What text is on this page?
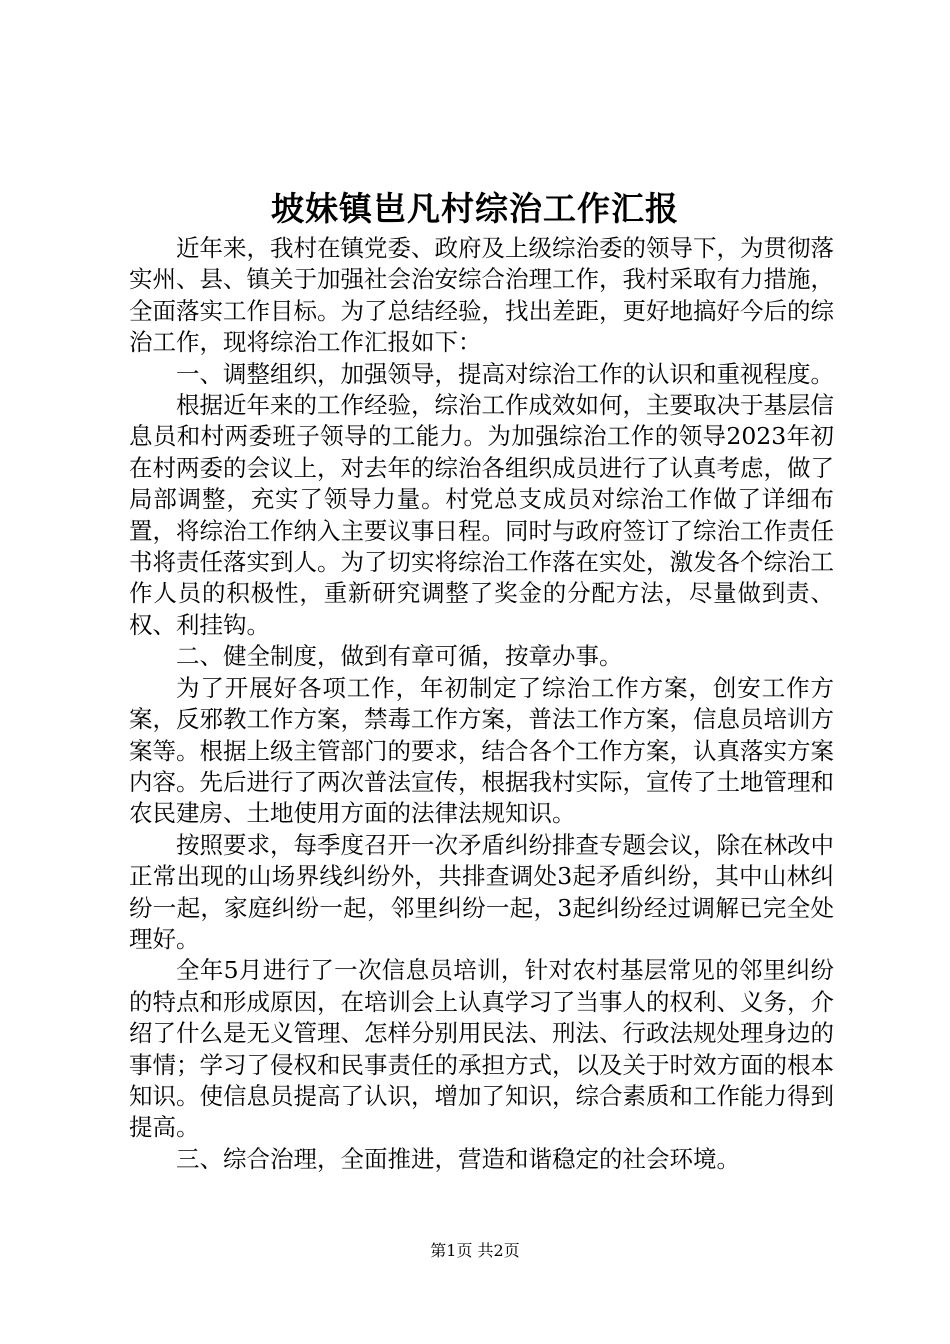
坡妹镇岜凡村综治工作汇报

近年来，我村在镇党委、政府及上级综治委的领导下，为贯彻落实州、县、镇关于加强社会治安综合治理工作，我村采取有力措施，全面落实工作目标。为了总结经验，找出差距，更好地搞好今后的综治工作，现将综治工作汇报如下：

一、调整组织，加强领导，提高对综治工作的认识和重视程度。

根据近年来的工作经验，综治工作成效如何，主要取决于基层信息员和村两委班子领导的工能力。为加强综治工作的领导2023年初在村两委的会议上，对去年的综治各组织成员进行了认真考虑，做了局部调整，充实了领导力量。村党总支成员对综治工作做了详细布置，将综治工作纳入主要议事日程。同时与政府签订了综治工作责任书将责任落实到人。为了切实将综治工作落在实处，激发各个综治工作人员的积极性，重新研究调整了奖金的分配方法，尽量做到责、权、利挂钩。

二、健全制度，做到有章可循，按章办事。

为了开展好各项工作，年初制定了综治工作方案，创安工作方案，反邪教工作方案，禁毒工作方案，普法工作方案，信息员培训方案等。根据上级主管部门的要求，结合各个工作方案，认真落实方案内容。先后进行了两次普法宣传，根据我村实际，宣传了土地管理和农民建房、土地使用方面的法律法规知识。

按照要求，每季度召开一次矛盾纠纷排查专题会议，除在林改中正常出现的山场界线纠纷外，共排查调处3起矛盾纠纷，其中山林纠纷一起，家庭纠纷一起，邻里纠纷一起，3起纠纷经过调解已完全处理好。

全年5月进行了一次信息员培训，针对农村基层常见的邻里纠纷的特点和形成原因，在培训会上认真学习了当事人的权利、义务，介绍了什么是无义管理、怎样分别用民法、刑法、行政法规处理身边的事情；学习了侵权和民事责任的承担方式，以及关于时效方面的根本知识。使信息员提高了认识，增加了知识，综合素质和工作能力得到提高。

三、综合治理，全面推进，营造和谐稳定的社会环境。

第1页 共2页
